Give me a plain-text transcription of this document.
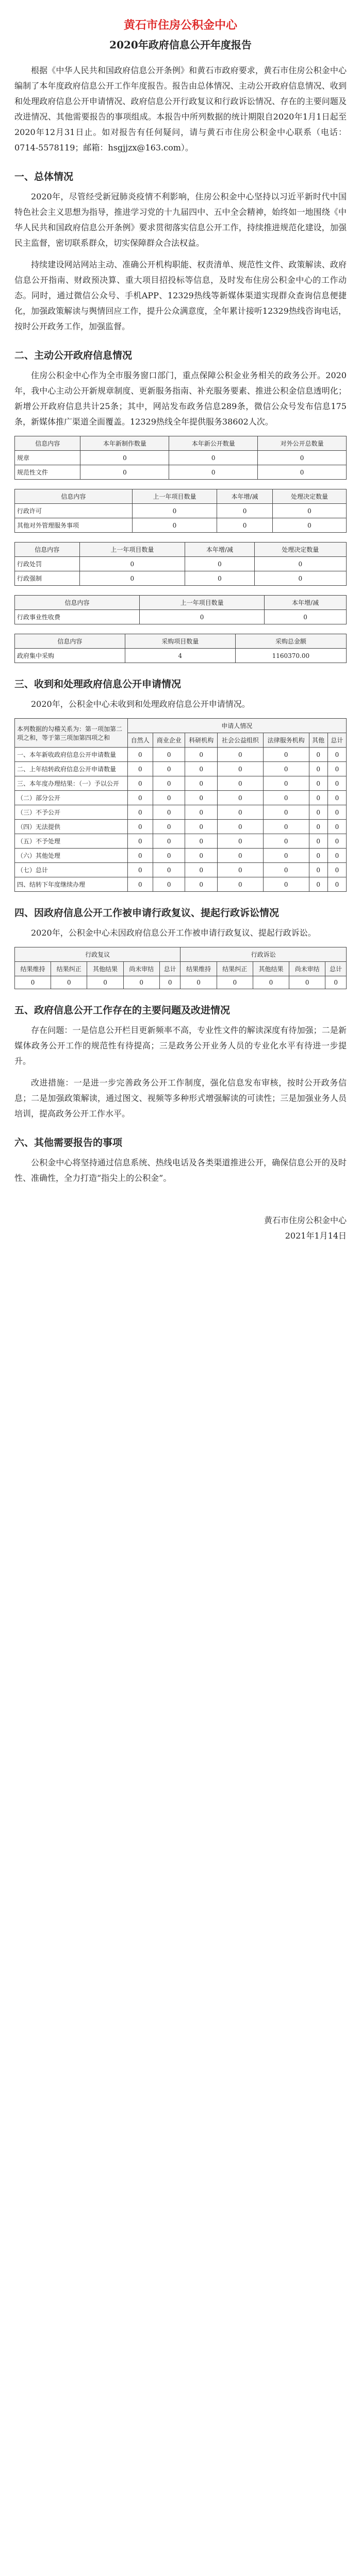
黄石市住房公积金中心
2020年政府信息公开年度报告

根据《中华人民共和国政府信息公开条例》和黄石市政府要求，黄石市住房公积金中心编制了本年度政府信息公开工作年度报告。报告由总体情况、主动公开政府信息情况、收到和处理政府信息公开申请情况、政府信息公开行政复议和行政诉讼情况、存在的主要问题及改进情况、其他需要报告的事项组成。本报告中所列数据的统计期限自2020年1月1日起至2020年12月31日止。如对报告有任何疑问，请与黄石市住房公积金中心联系（电话：0714-5578119；邮箱：hsgjjzx@163.com）。

一、总体情况

2020年，尽管经受新冠肺炎疫情不利影响，住房公积金中心坚持以习近平新时代中国特色社会主义思想为指导，推进学习党的十九届四中、五中全会精神，始终如一地围绕《中华人民共和国政府信息公开条例》要求贯彻落实信息公开工作，持续推进规范化建设，加强民主监督，密切联系群众，切实保障群众合法权益。

持续建设网站网站主动、准确公开机构职能、权责清单、规范性文件、政策解读、政府信息公开指南、财政预决算、重大项目招投标等信息，及时发布住房公积金中心的工作动态。同时，通过微信公众号、手机APP、12329热线等新媒体渠道实现群众查询信息便捷化，加强政策解读与舆情回应工作，提升公众满意度，全年累计接听12329热线咨询电话，按时公开政务工作，加强监督。

二、主动公开政府信息情况

住房公积金中心作为全市服务窗口部门，重点保障公积金业务相关的政务公开。2020年，我中心主动公开新规章制度、更新服务指南、补充服务要素、推进公积金信息透明化；新增公开政府信息共计25条；其中，网站发布政务信息289条，微信公众号发布信息175条，新媒体推广渠道全面覆盖。12329热线全年提供服务38602人次。

信息内容	本年新制作数量	本年新公开数量	对外公开总数量
规章	0	0	0
规范性文件	0	0	0
信息内容	上一年项目数量	本年增/减	处理决定数量
行政许可	0	0	0
其他对外管理服务事项	0	0	0
信息内容	上一年项目数量	本年增/减	处理决定数量
行政处罚	0	0	0
行政强制	0	0	0
信息内容	上一年项目数量	本年增/减
行政事业性收费	0	0
信息内容	采购项目数量	采购总金额
政府集中采购	4	1160370.00
三、收到和处理政府信息公开申请情况

2020年，公积金中心未收到和处理政府信息公开申请情况。

本列数据的勾稽关系为：第一项加第二项之和，等于第三项加第四项之和	申请人情况						
	自然人	商业企业	科研机构	社会公益组织	法律服务机构	其他	总计
一、本年新收政府信息公开申请数量	0	0	0	0	0	0	0
二、上年结转政府信息公开申请数量	0	0	0	0	0	0	0
三、本年度办理结果：（一）予以公开	0	0	0	0	0	0	0
（二）部分公开	0	0	0	0	0	0	0
（三）不予公开	0	0	0	0	0	0	0
（四）无法提供	0	0	0	0	0	0	0
（五）不予处理	0	0	0	0	0	0	0
（六）其他处理	0	0	0	0	0	0	0
（七）总计	0	0	0	0	0	0	0
四、结转下年度继续办理	0	0	0	0	0	0	0
四、因政府信息公开工作被申请行政复议、提起行政诉讼情况

2020年，公积金中心未因政府信息公开工作被申请行政复议、提起行政诉讼。

行政复议					行政诉讼				
结果维持	结果纠正	其他结果	尚未审结	总计	结果维持	结果纠正	其他结果	尚未审结	总计
0	0	0	0	0	0	0	0	0	0
五、政府信息公开工作存在的主要问题及改进情况

存在问题：一是信息公开栏目更新频率不高，专业性文件的解读深度有待加强；二是新媒体政务公开工作的规范性有待提高；三是政务公开业务人员的专业化水平有待进一步提升。

改进措施：一是进一步完善政务公开工作制度，强化信息发布审核，按时公开政务信息；二是加强政策解读，通过图文、视频等多种形式增强解读的可读性；三是加强业务人员培训，提高政务公开工作水平。

六、其他需要报告的事项

公积金中心将坚持通过信息系统、热线电话及各类渠道推进公开，确保信息公开的及时性、准确性，全力打造“指尖上的公积金”。

黄石市住房公积金中心

2021年1月14日
